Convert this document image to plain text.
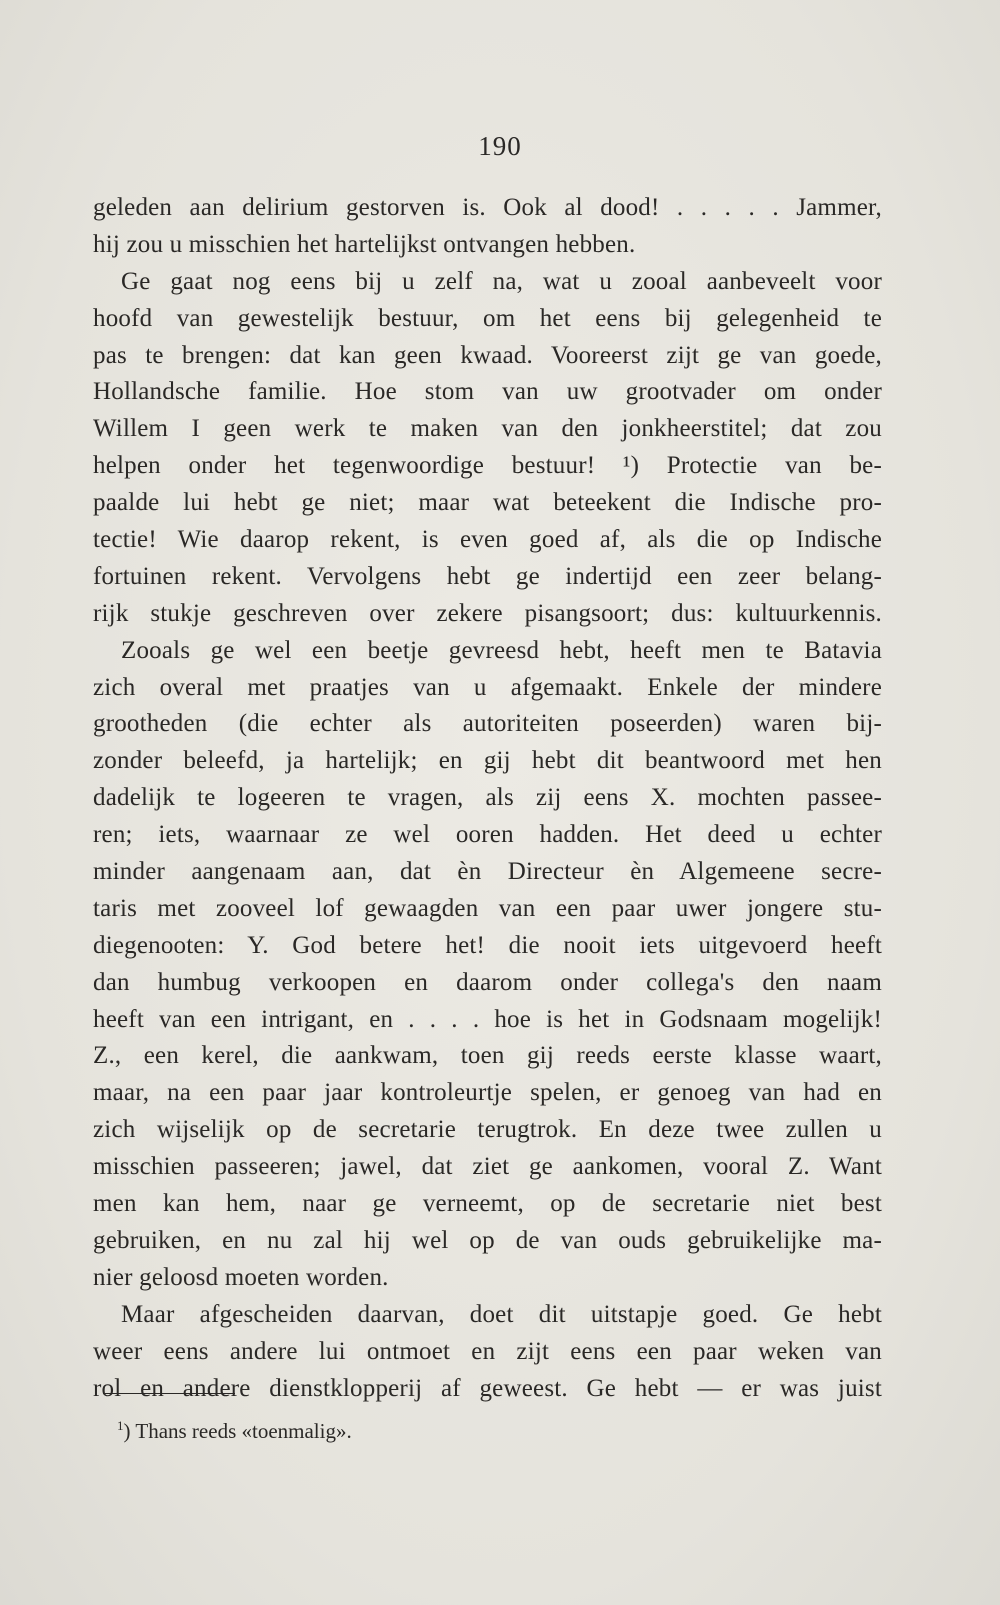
190
geleden aan delirium gestorven is. Ook al dood! . . . . . Jammer,
hij zou u misschien het hartelijkst ontvangen hebben.
Ge gaat nog eens bij u zelf na, wat u zooal aanbeveelt voor
hoofd van gewestelijk bestuur, om het eens bij gelegenheid te
pas te brengen: dat kan geen kwaad. Vooreerst zijt ge van goede,
Hollandsche familie. Hoe stom van uw grootvader om onder
Willem I geen werk te maken van den jonkheerstitel; dat zou
helpen onder het tegenwoordige bestuur! ¹) Protectie van be-
paalde lui hebt ge niet; maar wat beteekent die Indische pro-
tectie! Wie daarop rekent, is even goed af, als die op Indische
fortuinen rekent. Vervolgens hebt ge indertijd een zeer belang-
rijk stukje geschreven over zekere pisangsoort; dus: kultuurkennis.
Zooals ge wel een beetje gevreesd hebt, heeft men te Batavia
zich overal met praatjes van u afgemaakt. Enkele der mindere
grootheden (die echter als autoriteiten poseerden) waren bij-
zonder beleefd, ja hartelijk; en gij hebt dit beantwoord met hen
dadelijk te logeeren te vragen, als zij eens X. mochten passee-
ren; iets, waarnaar ze wel ooren hadden. Het deed u echter
minder aangenaam aan, dat èn Directeur èn Algemeene secre-
taris met zooveel lof gewaagden van een paar uwer jongere stu-
diegenooten: Y. God betere het! die nooit iets uitgevoerd heeft
dan humbug verkoopen en daarom onder collega's den naam
heeft van een intrigant, en . . . . hoe is het in Godsnaam mogelijk!
Z., een kerel, die aankwam, toen gij reeds eerste klasse waart,
maar, na een paar jaar kontroleurtje spelen, er genoeg van had en
zich wijselijk op de secretarie terugtrok. En deze twee zullen u
misschien passeeren; jawel, dat ziet ge aankomen, vooral Z. Want
men kan hem, naar ge verneemt, op de secretarie niet best
gebruiken, en nu zal hij wel op de van ouds gebruikelijke ma-
nier geloosd moeten worden.
Maar afgescheiden daarvan, doet dit uitstapje goed. Ge hebt
weer eens andere lui ontmoet en zijt eens een paar weken van
rol en andere dienstklopperij af geweest. Ge hebt — er was juist
$^1$) Thans reeds «toenmalig».
